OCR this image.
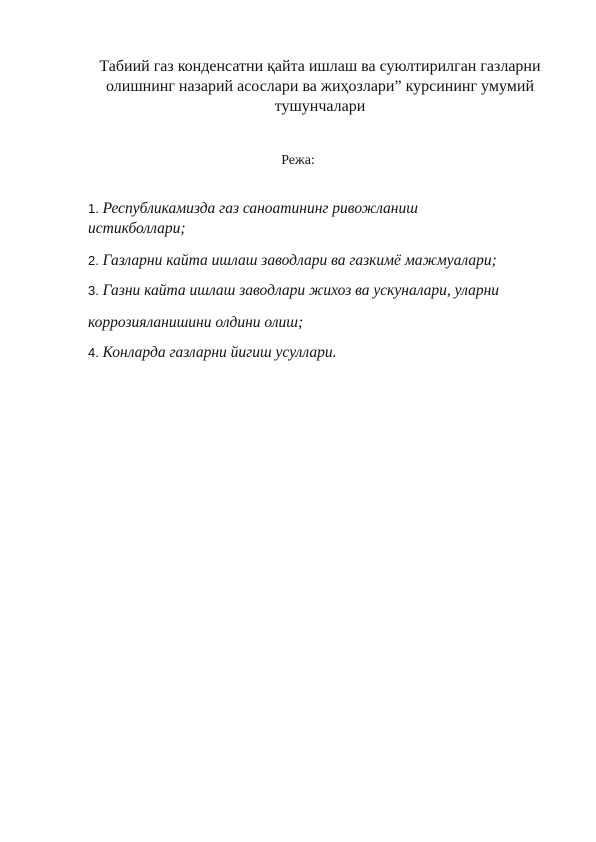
Табиий газ конденсатни қайта ишлаш ва суюлтирилган газларни
олишнинг назарий асослари ва жиҳозлари” курсининг умумий
тушунчалари

Режа:

1. Республикамизда газ саноатининг ривожланиш
истикболлари;
2. Газларни кайта ишлаш заводлари ва газкимё мажмуалари;
3. Газни кайта ишлаш заводлари жихоз ва ускуналари, уларни
коррозияланишини олдини олиш;
4. Конларда газларни йигиш усуллари.
